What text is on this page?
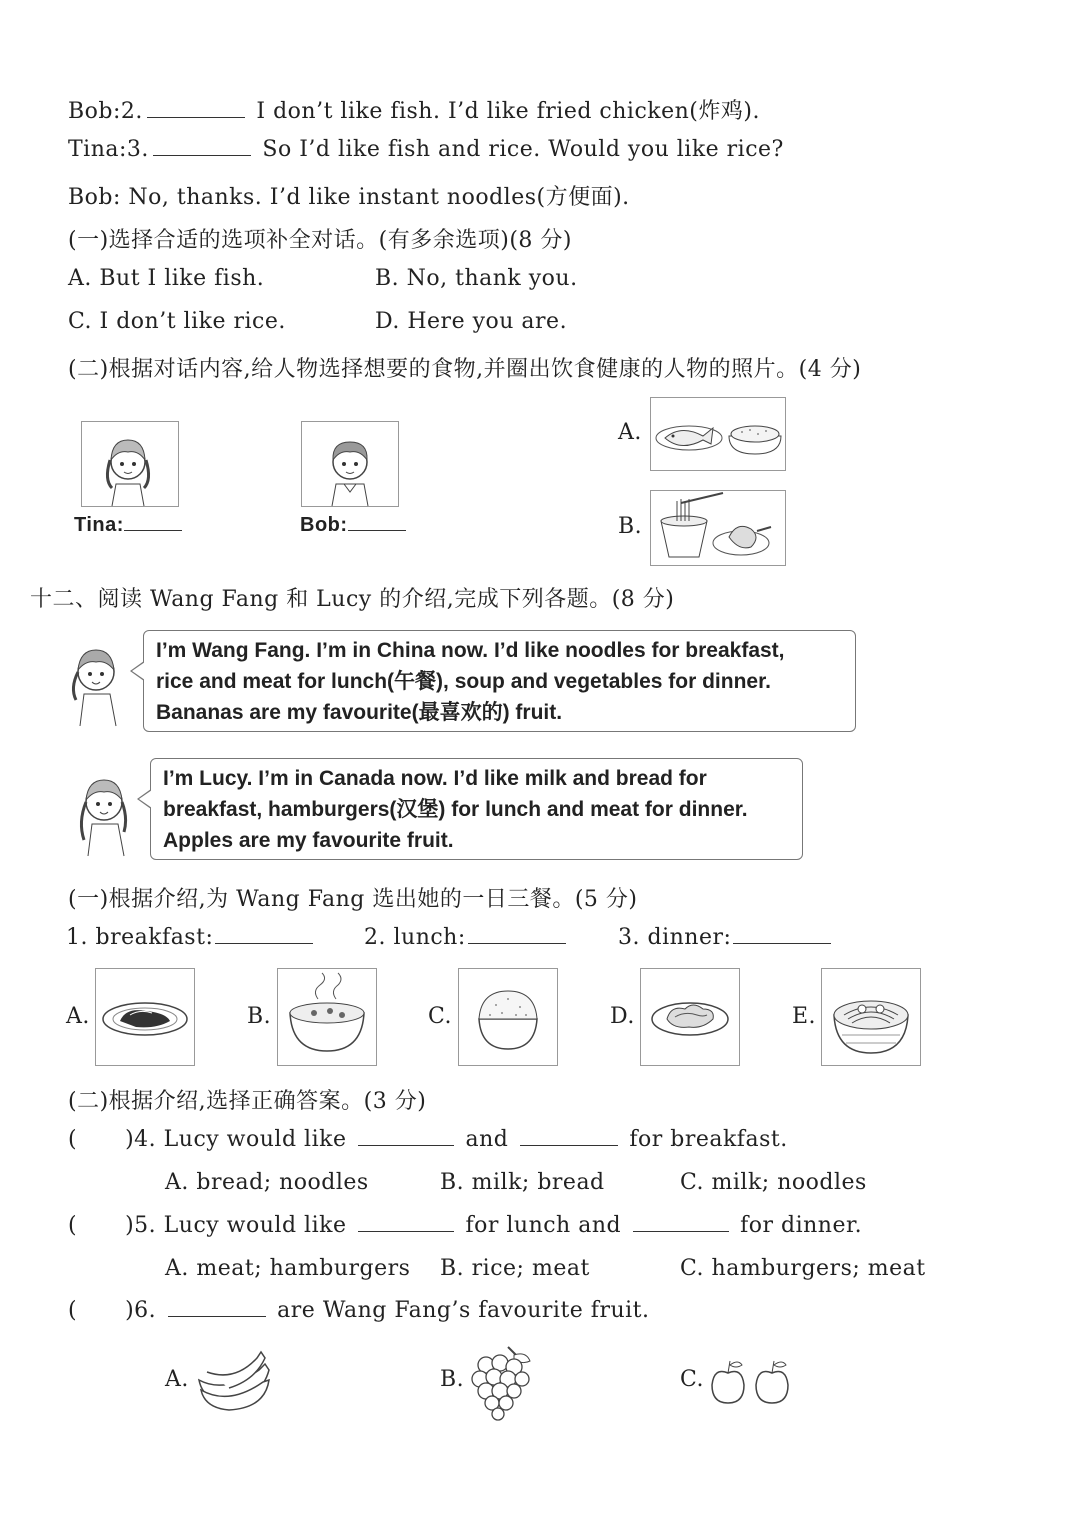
Bob:2.	I don’t like fish. I’d like fried chicken(炸鸡).
Tina:3.	So I’d like fish and rice. Would you like rice?
Bob: No, thanks. I’d like instant noodles(方便面).
(一)选择合适的选项补全对话。(有多余选项)(8 分)
A. But I like fish.	B. No, thank you.
C. I don’t like rice.	D. Here you are.
(二)根据对话内容,给人物选择想要的食物,并圈出饮食健康的人物的照片。(4 分)
Tina:	Bob:
A.
B.
十二、阅读 Wang Fang 和 Lucy 的介绍,完成下列各题。(8 分)
I’m Wang Fang. I’m in China now. I’d like noodles for breakfast,
rice and meat for lunch(午餐), soup and vegetables for dinner.
Bananas are my favourite(最喜欢的) fruit.
I’m Lucy. I’m in Canada now. I’d like milk and bread for
breakfast, hamburgers(汉堡) for lunch and meat for dinner.
Apples are my favourite fruit.
(一)根据介绍,为 Wang Fang 选出她的一日三餐。(5 分)
1. breakfast:	2. lunch:	3. dinner:
A.	B.	C.	D.	E.
(二)根据介绍,选择正确答案。(3 分)
( )4. Lucy would like	and	for breakfast.
A. bread; noodles	B. milk; bread	C. milk; noodles
( )5. Lucy would like	for lunch and	for dinner.
A. meat; hamburgers B. rice; meat	C. hamburgers; meat
( )6.	are Wang Fang’s favourite fruit.
A.	B.	C.
